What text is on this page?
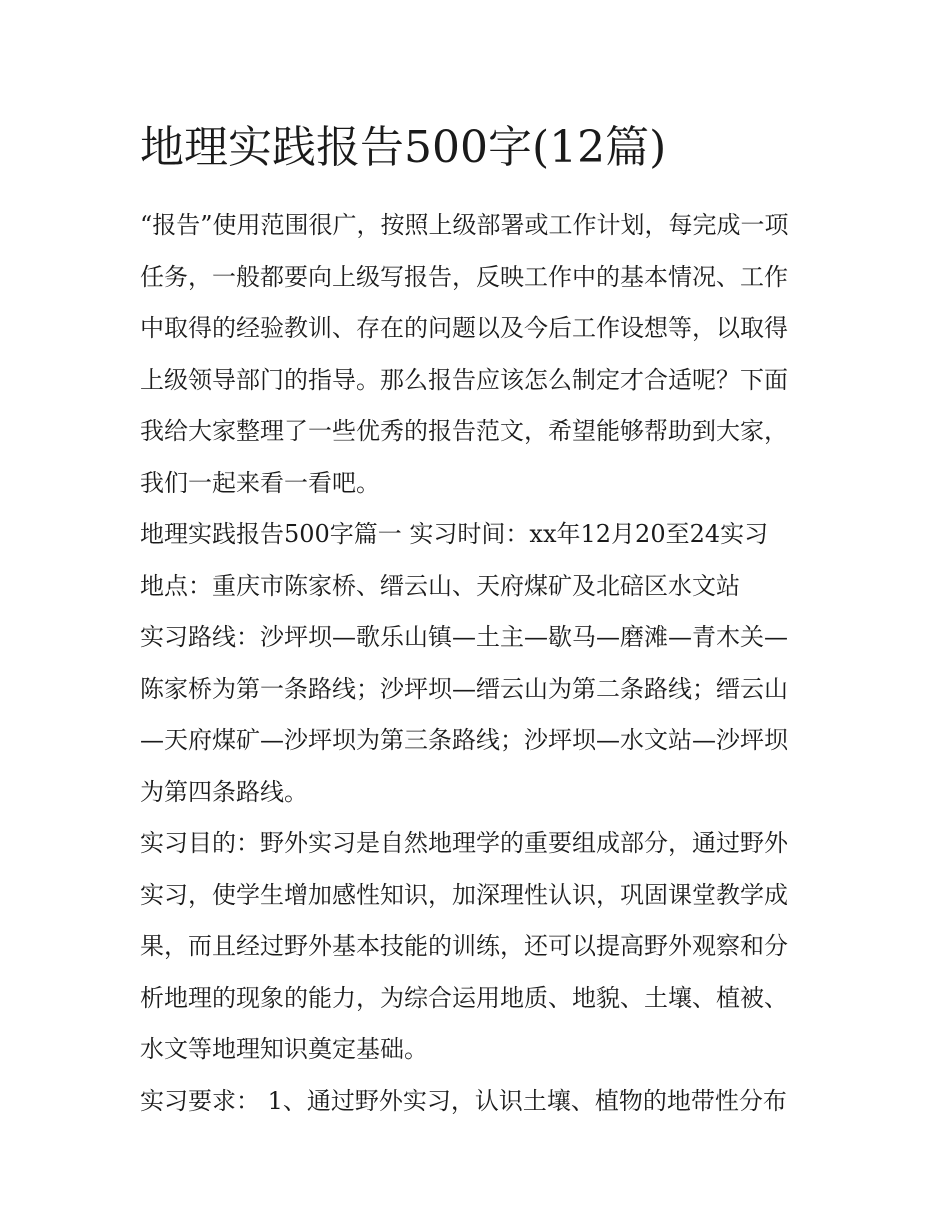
地理实践报告500字(12篇)

“报告”使用范围很广，按照上级部署或工作计划，每完成一项

任务，一般都要向上级写报告，反映工作中的基本情况、工作

中取得的经验教训、存在的问题以及今后工作设想等，以取得

上级领导部门的指导。那么报告应该怎么制定才合适呢？下面

我给大家整理了一些优秀的报告范文，希望能够帮助到大家，

我们一起来看一看吧。

地理实践报告500字篇一 实习时间：xx年12月20至24实习

地点：重庆市陈家桥、缙云山、天府煤矿及北碚区水文站

实习路线：沙坪坝—歌乐山镇—土主—歇马—磨滩—青木关—

陈家桥为第一条路线；沙坪坝—缙云山为第二条路线；缙云山

—天府煤矿—沙坪坝为第三条路线；沙坪坝—水文站—沙坪坝

为第四条路线。

实习目的：野外实习是自然地理学的重要组成部分，通过野外

实习，使学生增加感性知识，加深理性认识，巩固课堂教学成

果，而且经过野外基本技能的训练，还可以提高野外观察和分

析地理的现象的能力，为综合运用地质、地貌、土壤、植被、

水文等地理知识奠定基础。

实习要求： 1、通过野外实习，认识土壤、植物的地带性分布
